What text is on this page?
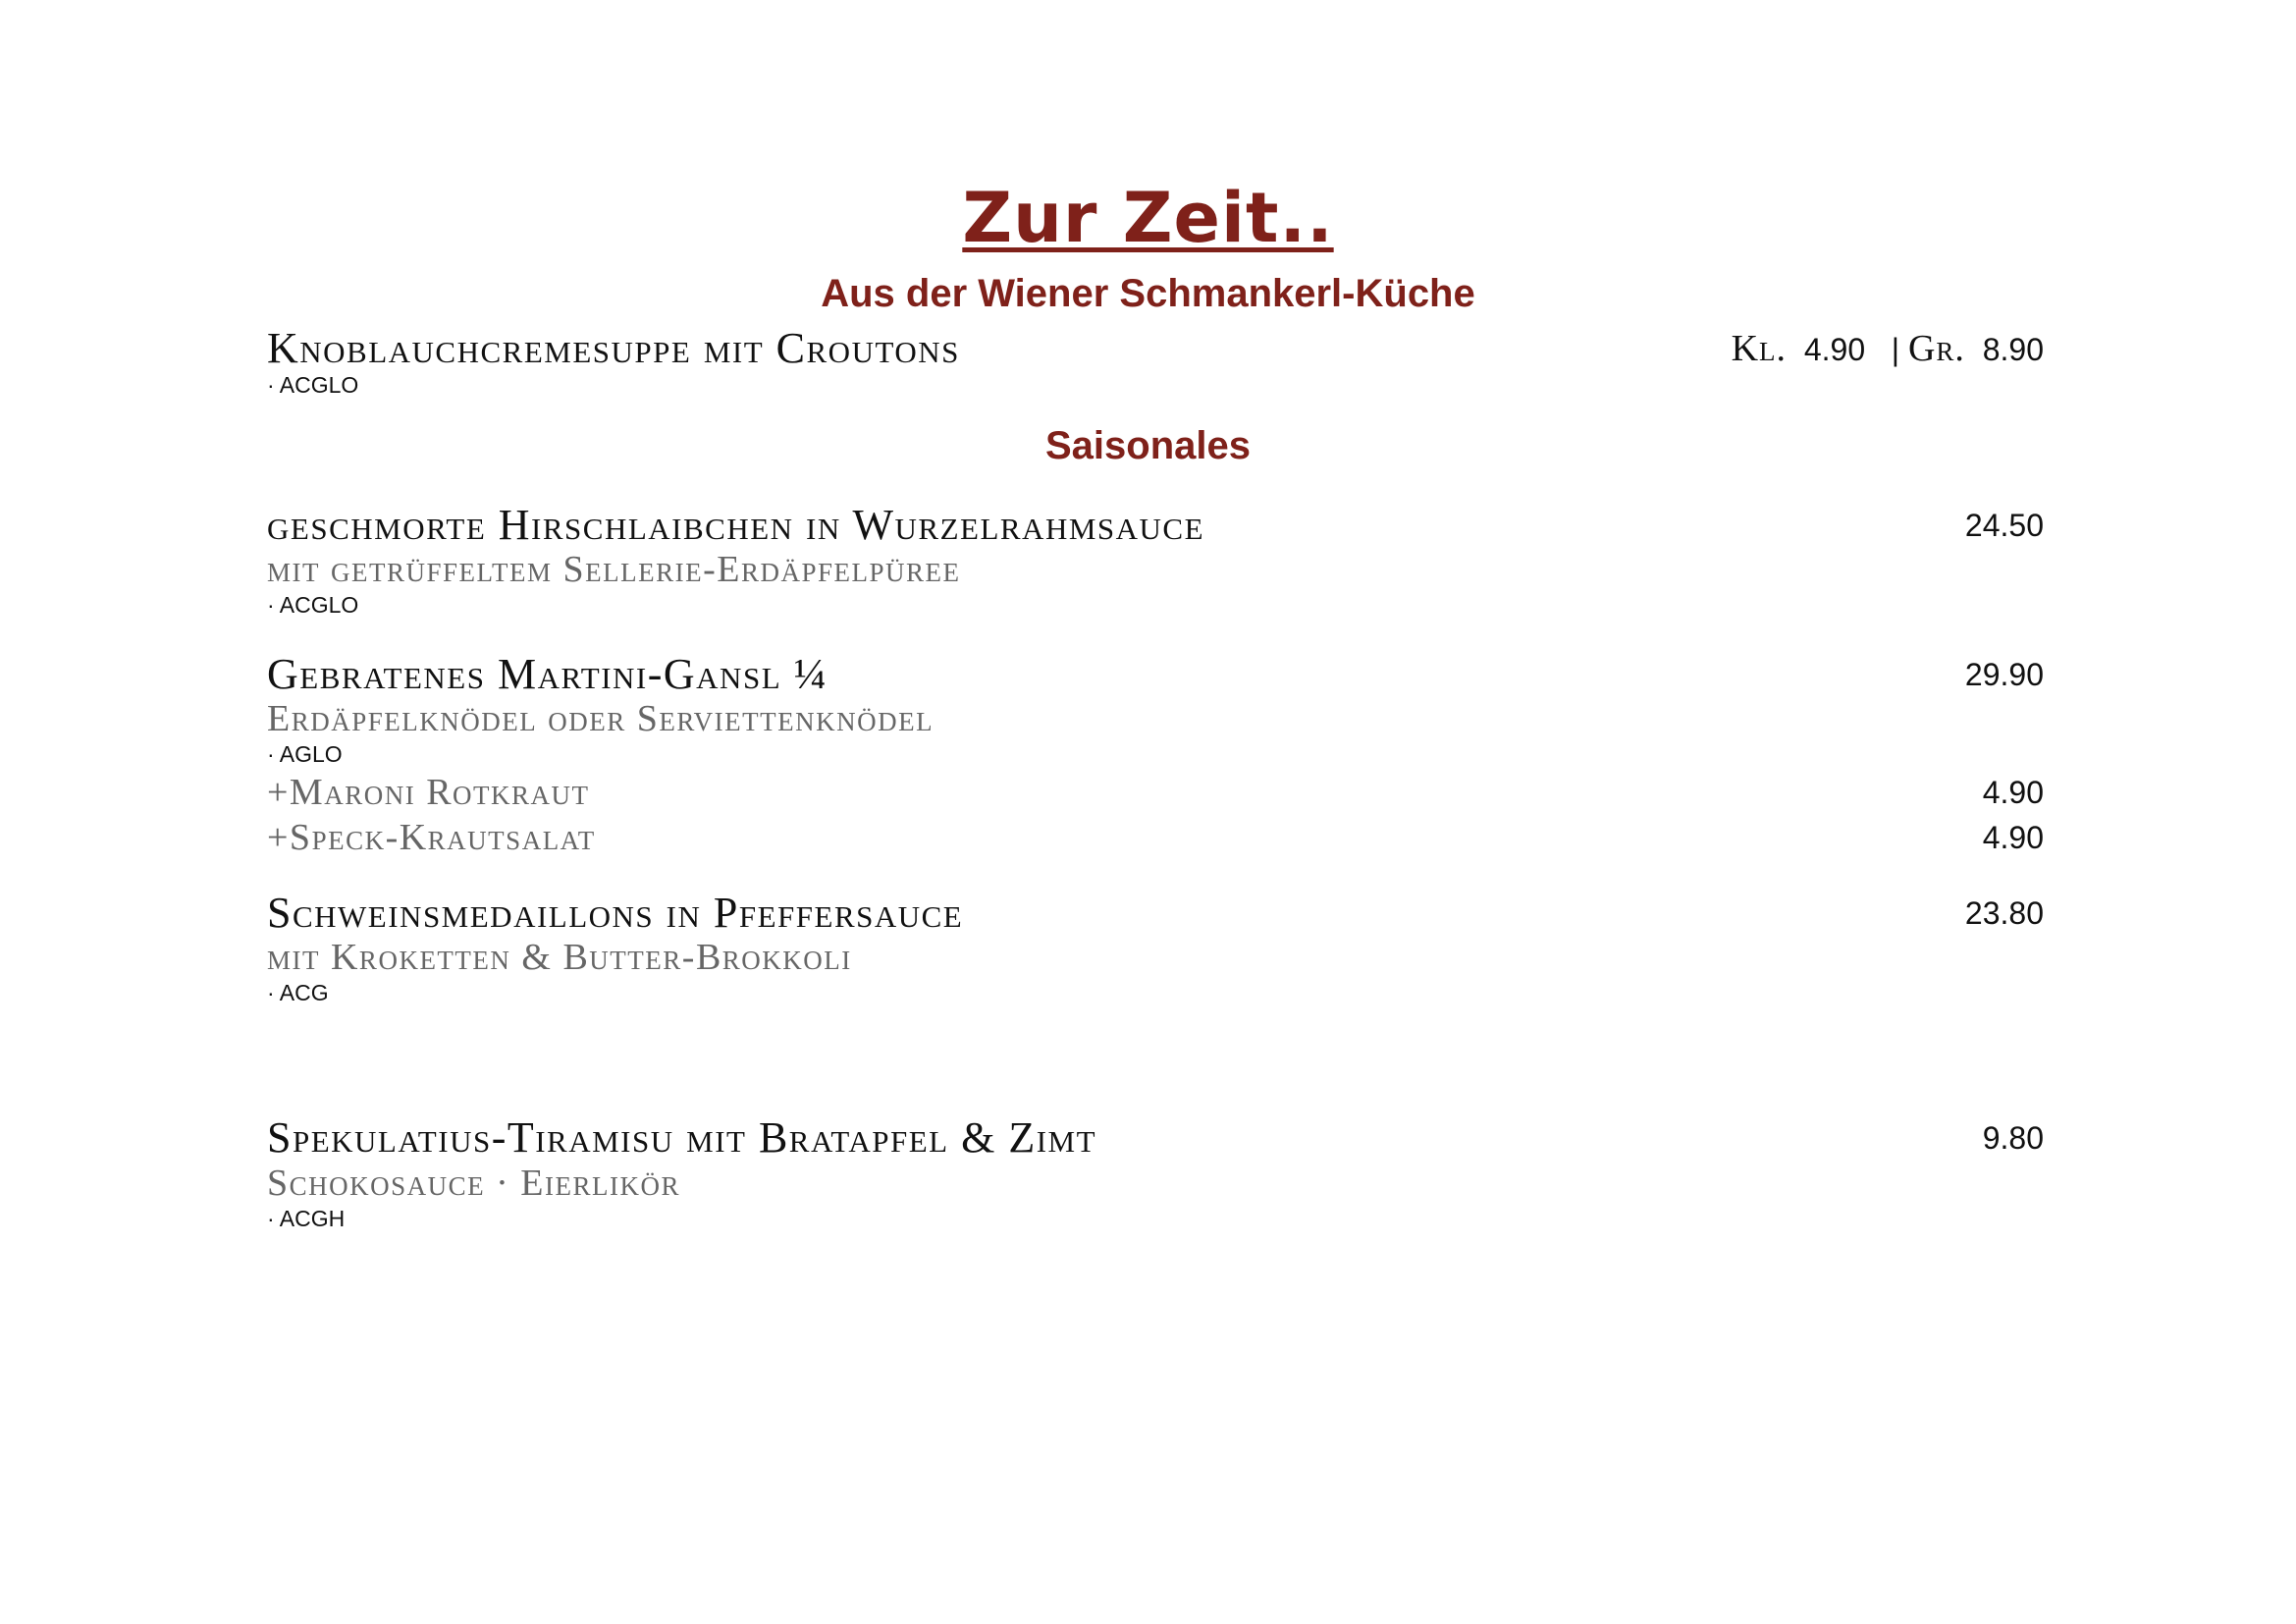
Zur Zeit..
Aus der Wiener Schmankerl-Küche
Knoblauchcremesuppe mit Croutons	Kl. 4.90 | Gr. 8.90
· ACGLO
Saisonales
geschmorte Hirschlaibchen in Wurzelrahmsauce	24.50
mit getrüffeltem Sellerie-Erdäpfelpüree
· ACGLO
Gebratenes Martini-Gansl ¼	29.90
Erdäpfelknödel oder Serviettenknödel
· AGLO
+Maroni Rotkraut	4.90
+Speck-Krautsalat	4.90
Schweinsmedaillons in Pfeffersauce	23.80
mit Kroketten & Butter-Brokkoli
· ACG
Spekulatius-Tiramisu mit Bratapfel & Zimt	9.80
Schokosauce · Eierlikör
· ACGH
